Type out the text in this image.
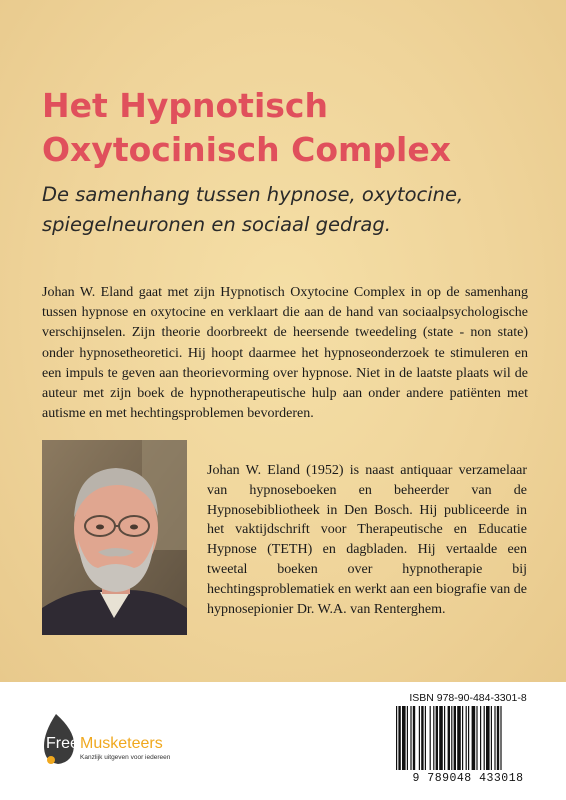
Het Hypnotisch
Oxytocinisch Complex

De samenhang tussen hypnose, oxytocine,
spiegelneuronen en sociaal gedrag.

Johan W. Eland gaat met zijn Hypnotisch Oxytocine Complex in op de samenhang tussen hypnose en oxytocine en verklaart die aan de hand van sociaalpsychologische verschijnselen. Zijn theorie doorbreekt de heersende tweedeling (state - non state) onder hypnosetheoretici. Hij hoopt daarmee het hypnoseonderzoek te stimuleren en een impuls te geven aan theorievorming over hypnose. Niet in de laatste plaats wil de auteur met zijn boek de hypnotherapeutische hulp aan onder andere patiënten met autisme en met hechtingsproblemen bevorderen.

Johan W. Eland (1952) is naast antiquaar verzamelaar van hypnoseboeken en beheerder van de Hypnosebibliotheek in Den Bosch. Hij publiceerde in het vaktijdschrift voor Therapeutische en Educatie Hypnose (TETH) en dagbladen. Hij vertaalde een tweetal boeken over hypnotherapie bij hechtingsproblematiek en werkt aan een biografie van de hypnosepionier Dr. W.A. van Renterghem.

Free Musketeers
Kanzlijk uitgeven voor iedereen
ISBN 978-90-484-3301-8
9 789048 433018
